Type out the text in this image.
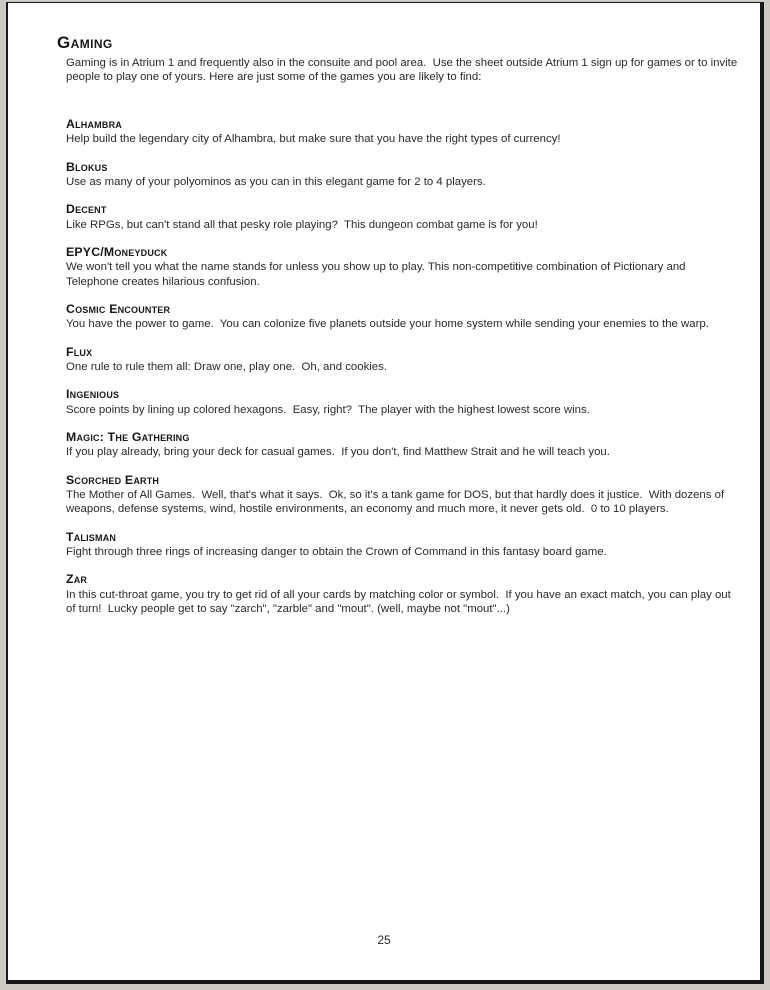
Gaming

Gaming is in Atrium 1 and frequently also in the consuite and pool area.  Use the sheet outside Atrium 1 sign up for games or to invite people to play one of yours. Here are just some of the games you are likely to find:

Alhambra

Help build the legendary city of Alhambra, but make sure that you have the right types of currency!

Blokus

Use as many of your polyominos as you can in this elegant game for 2 to 4 players.

Decent

Like RPGs, but can't stand all that pesky role playing?  This dungeon combat game is for you!

EPYC/Moneyduck

We won't tell you what the name stands for unless you show up to play. This non-competitive combination of Pictionary and Telephone creates hilarious confusion.

Cosmic Encounter

You have the power to game.  You can colonize five planets outside your home system while sending your enemies to the warp.

Flux

One rule to rule them all: Draw one, play one.  Oh, and cookies.

Ingenious

Score points by lining up colored hexagons.  Easy, right?  The player with the highest lowest score wins.

Magic: The Gathering

If you play already, bring your deck for casual games.  If you don't, find Matthew Strait and he will teach you.

Scorched Earth

The Mother of All Games.  Well, that's what it says.  Ok, so it's a tank game for DOS, but that hardly does it justice.  With dozens of weapons, defense systems, wind, hostile environments, an economy and much more, it never gets old.  0 to 10 players.

Talisman

Fight through three rings of increasing danger to obtain the Crown of Command in this fantasy board game.

Zar

In this cut-throat game, you try to get rid of all your cards by matching color or symbol.  If you have an exact match, you can play out of turn!  Lucky people get to say "zarch", "zarble" and "mout". (well, maybe not "mout"...)

25
